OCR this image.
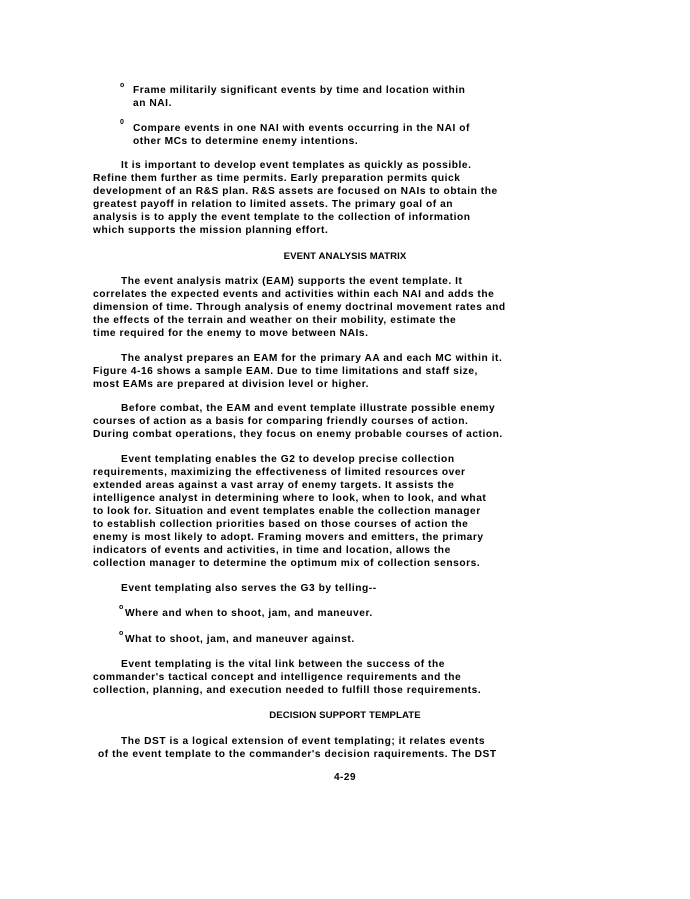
o Frame militarily significant events by time and location within
an NAI.
0
Compare events in one NAI with events occurring in the NAI of
other MCs to determine enemy intentions.
It is important to develop event templates as quickly as possible.
Refine them further as time permits. Early preparation permits quick
development of an R&S plan. R&S assets are focused on NAIs to obtain the
greatest payoff in relation to limited assets. The primary goal of an
analysis is to apply the event template to the collection of information
which supports the mission planning effort.
EVENT ANALYSIS MATRIX
The event analysis matrix (EAM) supports the event template. It
correlates the expected events and activities within each NAI and adds the
dimension of time. Through analysis of enemy doctrinal movement rates and
the effects of the terrain and weather on their mobility, estimate the
time required for the enemy to move between NAIs.
The analyst prepares an EAM for the primary AA and each MC within it.
Figure 4-16 shows a sample EAM. Due to time limitations and staff size,
most EAMs are prepared at division level or higher.
Before combat, the EAM and event template illustrate possible enemy
courses of action as a basis for comparing friendly courses of action.
During combat operations, they focus on enemy probable courses of action.
Event templating enables the G2 to develop precise collection
requirements, maximizing the effectiveness of limited resources over
extended areas against a vast array of enemy targets. It assists the
intelligence analyst in determining where to look, when to look, and what
to look for. Situation and event templates enable the collection manager
to establish collection priorities based on those courses of action the
enemy is most likely to adopt. Framing movers and emitters, the primary
indicators of events and activities, in time and location, allows the
collection manager to determine the optimum mix of collection sensors.
Event templating also serves the G3 by telling--
o
Where and when to shoot, jam, and maneuver.
o
What to shoot, jam, and maneuver against.
Event templating is the vital link between the success of the
commander's tactical concept and intelligence requirements and the
collection, planning, and execution needed to fulfill those requirements.
DECISION SUPPORT TEMPLATE
The DST is a logical extension of event templating; it relates events
of the event template to the commander's decision raquirements. The DST
4-29
